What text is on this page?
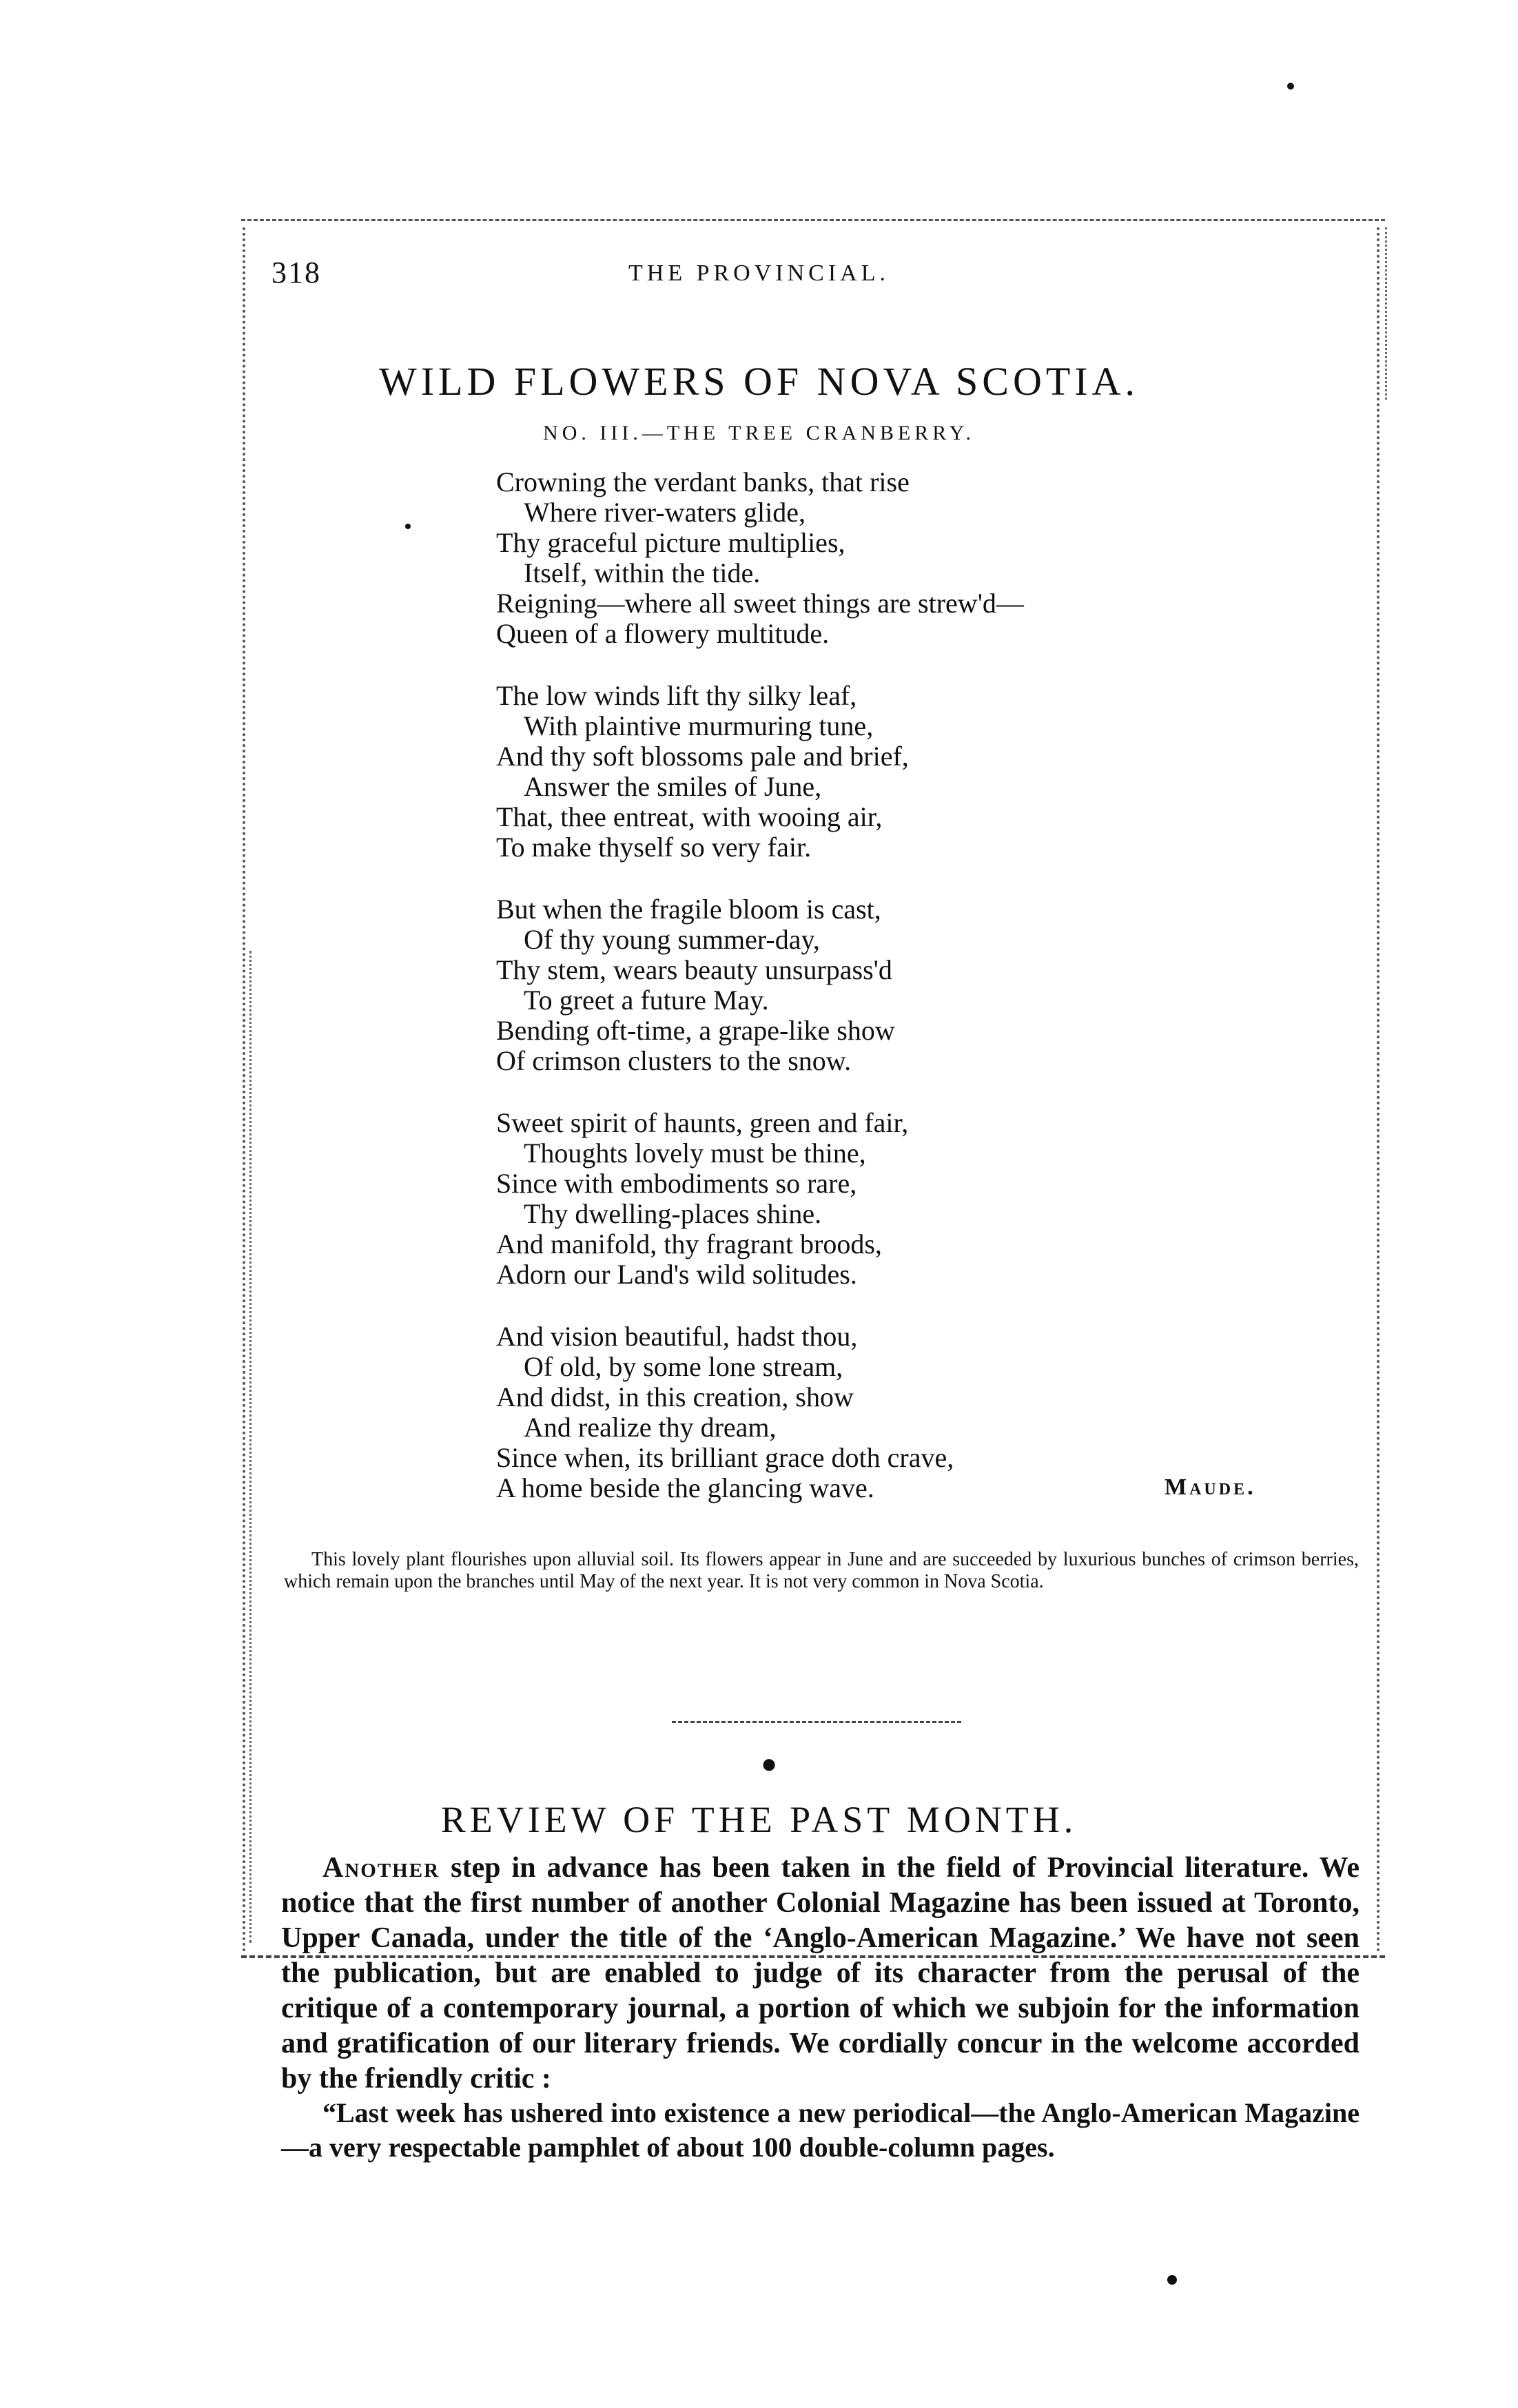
318	THE PROVINCIAL.
WILD FLOWERS OF NOVA SCOTIA.
NO. III.—THE TREE CRANBERRY.
Crowning the verdant banks, that rise
Where river-waters glide,
Thy graceful picture multiplies,
Itself, within the tide.
Reigning—where all sweet things are strew'd—
Queen of a flowery multitude.
The low winds lift thy silky leaf,
With plaintive murmuring tune,
And thy soft blossoms pale and brief,
Answer the smiles of June,
That, thee entreat, with wooing air,
To make thyself so very fair.
But when the fragile bloom is cast,
Of thy young summer-day,
Thy stem, wears beauty unsurpass'd
To greet a future May.
Bending oft-time, a grape-like show
Of crimson clusters to the snow.
Sweet spirit of haunts, green and fair,
Thoughts lovely must be thine,
Since with embodiments so rare,
Thy dwelling-places shine.
And manifold, thy fragrant broods,
Adorn our Land's wild solitudes.
And vision beautiful, hadst thou,
Of old, by some lone stream,
And didst, in this creation, show
And realize thy dream,
Since when, its brilliant grace doth crave,
A home beside the glancing wave.	Maude.
This lovely plant flourishes upon alluvial soil. Its flowers appear in June and are succeeded by luxurious bunches of crimson berries, which remain upon the branches until May of the next year. It is not very common in Nova Scotia.
●
REVIEW OF THE PAST MONTH.

Another step in advance has been taken in the field of Provincial literature. We notice that the first number of another Colonial Magazine has been issued at Toronto, Upper Canada, under the title of the ‘Anglo-American Magazine.’ We have not seen the publication, but are enabled to judge of its character from the perusal of the critique of a contemporary journal, a portion of which we subjoin for the information and gratification of our literary friends. We cordially concur in the welcome accorded by the friendly critic :

“Last week has ushered into existence a new periodical—the Anglo-American Magazine—a very respectable pamphlet of about 100 double-column pages.
